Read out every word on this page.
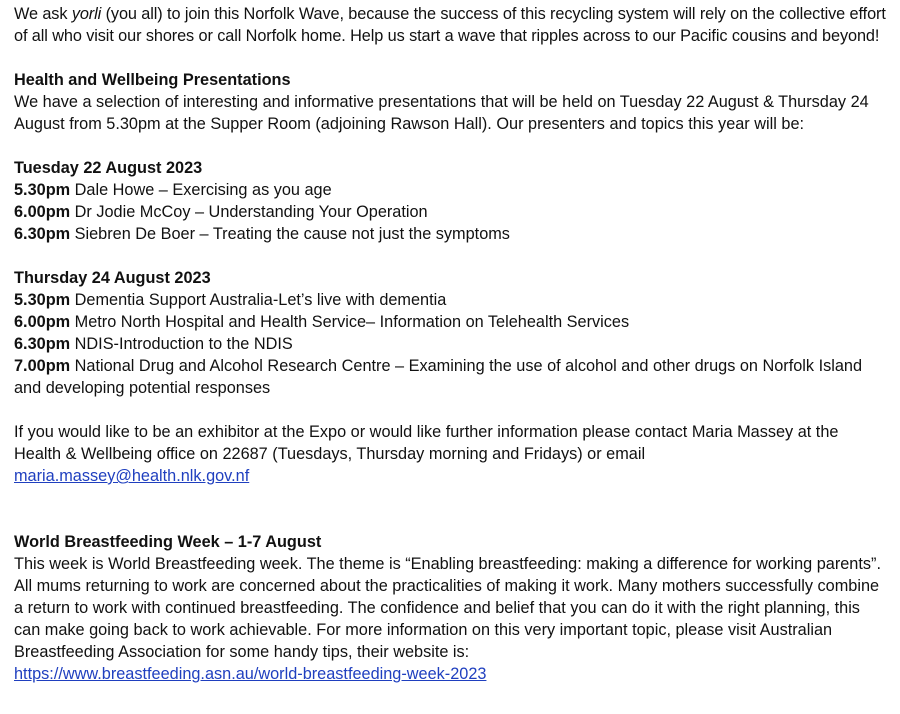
We ask yorli (you all) to join this Norfolk Wave, because the success of this recycling system will rely on the collective effort of all who visit our shores or call Norfolk home. Help us start a wave that ripples across to our Pacific cousins and beyond!

Health and Wellbeing Presentations

We have a selection of interesting and informative presentations that will be held on Tuesday 22 August & Thursday 24 August from 5.30pm at the Supper Room (adjoining Rawson Hall). Our presenters and topics this year will be:

Tuesday 22 August 2023

5.30pm Dale Howe – Exercising as you age

6.00pm Dr Jodie McCoy – Understanding Your Operation

6.30pm Siebren De Boer – Treating the cause not just the symptoms

Thursday 24 August 2023

5.30pm Dementia Support Australia-Let’s live with dementia

6.00pm Metro North Hospital and Health Service– Information on Telehealth Services

6.30pm NDIS-Introduction to the NDIS

7.00pm National Drug and Alcohol Research Centre – Examining the use of alcohol and other drugs on Norfolk Island and developing potential responses

If you would like to be an exhibitor at the Expo or would like further information please contact Maria Massey at the Health & Wellbeing office on 22687 (Tuesdays, Thursday morning and Fridays) or email
maria.massey@health.nlk.gov.nf

World Breastfeeding Week – 1-7 August

This week is World Breastfeeding week. The theme is “Enabling breastfeeding: making a difference for working parents”. All mums returning to work are concerned about the practicalities of making it work. Many mothers successfully combine a return to work with continued breastfeeding. The confidence and belief that you can do it with the right planning, this can make going back to work achievable. For more information on this very important topic, please visit Australian Breastfeeding Association for some handy tips, their website is:
https://www.breastfeeding.asn.au/world-breastfeeding-week-2023
